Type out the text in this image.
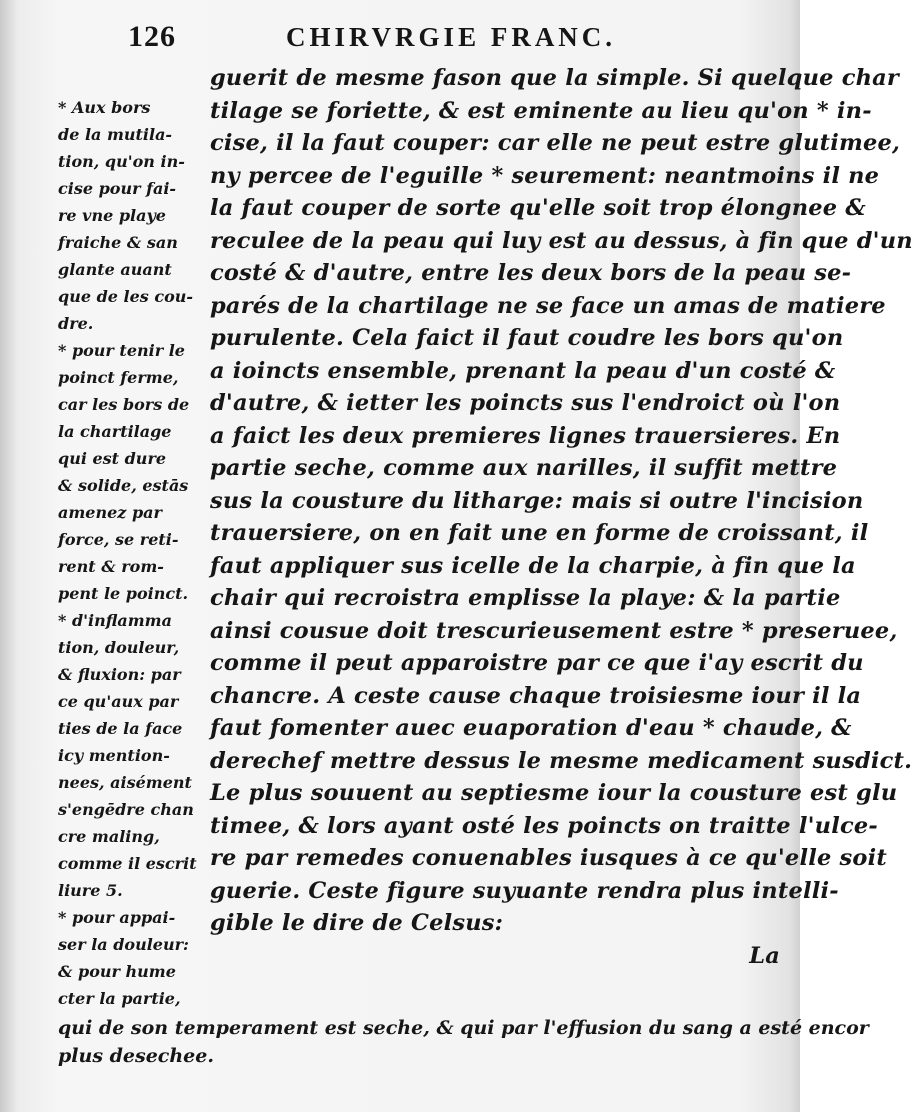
126	CHIRVRGIE FRANC.
* Aux bors
de la mutila-
tion, qu'on in-
cise pour fai-
re vne playe
fraiche & san
glante auant
que de les cou-
dre.
* pour tenir le
poinct ferme,
car les bors de
la chartilage
qui est dure
& solide, estās
amenez par
force, se reti-
rent & rom-
pent le poinct.
* d'inflamma
tion, douleur,
& fluxion: par
ce qu'aux par
ties de la face
icy mention-
nees, aisément
s'engēdre chan
cre maling,
comme il escrit
liure 5.
* pour appai-
ser la douleur:
& pour hume
cter la partie,
guerit de mesme fason que la simple. Si quelque char
tilage se foriette, & est eminente au lieu qu'on * in-
cise, il la faut couper: car elle ne peut estre glutimee,
ny percee de l'eguille * seurement: neantmoins il ne
la faut couper de sorte qu'elle soit trop élongnee &
reculee de la peau qui luy est au dessus, à fin que d'un
costé & d'autre, entre les deux bors de la peau se-
parés de la chartilage ne se face un amas de matiere
purulente. Cela faict il faut coudre les bors qu'on
a ioincts ensemble, prenant la peau d'un costé &
d'autre, & ietter les poincts sus l'endroict où l'on
a faict les deux premieres lignes trauersieres. En
partie seche, comme aux narilles, il suffit mettre
sus la cousture du litharge: mais si outre l'incision
trauersiere, on en fait une en forme de croissant, il
faut appliquer sus icelle de la charpie, à fin que la
chair qui recroistra emplisse la playe: & la partie
ainsi cousue doit trescurieusement estre * preseruee,
comme il peut apparoistre par ce que i'ay escrit du
chancre. A ceste cause chaque troisiesme iour il la
faut fomenter auec euaporation d'eau * chaude, &
derechef mettre dessus le mesme medicament susdict.
Le plus souuent au septiesme iour la cousture est glu
timee, & lors ayant osté les poincts on traitte l'ulce-
re par remedes conuenables iusques à ce qu'elle soit
guerie. Ceste figure suyuante rendra plus intelli-
gible le dire de Celsus:
La
qui de son temperament est seche, & qui par l'effusion du sang a esté encor
plus desechee.
